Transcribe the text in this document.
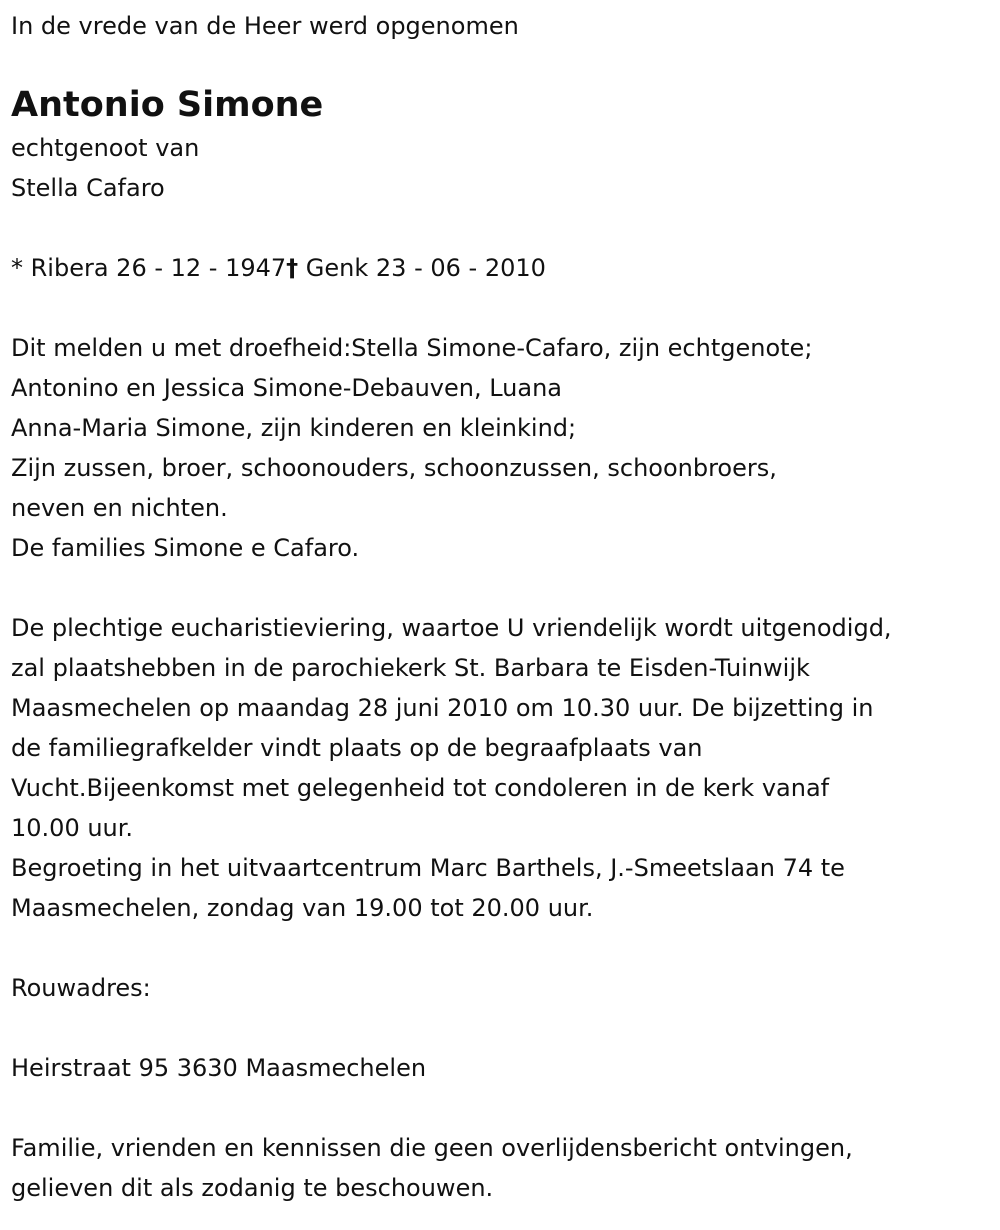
In de vrede van de Heer werd opgenomen
Antonio Simone
echtgenoot van
Stella Cafaro
* Ribera 26 - 12 - 1947† Genk 23 - 06 - 2010
Dit melden u met droefheid:Stella Simone-Cafaro, zijn echtgenote;
Antonino en Jessica Simone-Debauven, Luana
Anna-Maria Simone, zijn kinderen en kleinkind;
Zijn zussen, broer, schoonouders, schoonzussen, schoonbroers,
neven en nichten.
De families Simone e Cafaro.
De plechtige eucharistieviering, waartoe U vriendelijk wordt uitgenodigd,
zal plaatshebben in de parochiekerk St. Barbara te Eisden-Tuinwijk
Maasmechelen op maandag 28 juni 2010 om 10.30 uur. De bijzetting in
de familiegrafkelder vindt plaats op de begraafplaats van
Vucht.Bijeenkomst met gelegenheid tot condoleren in de kerk vanaf
10.00 uur.
Begroeting in het uitvaartcentrum Marc Barthels, J.-Smeetslaan 74 te
Maasmechelen, zondag van 19.00 tot 20.00 uur.
Rouwadres:
Heirstraat 95 3630 Maasmechelen
Familie, vrienden en kennissen die geen overlijdensbericht ontvingen,
gelieven dit als zodanig te beschouwen.
